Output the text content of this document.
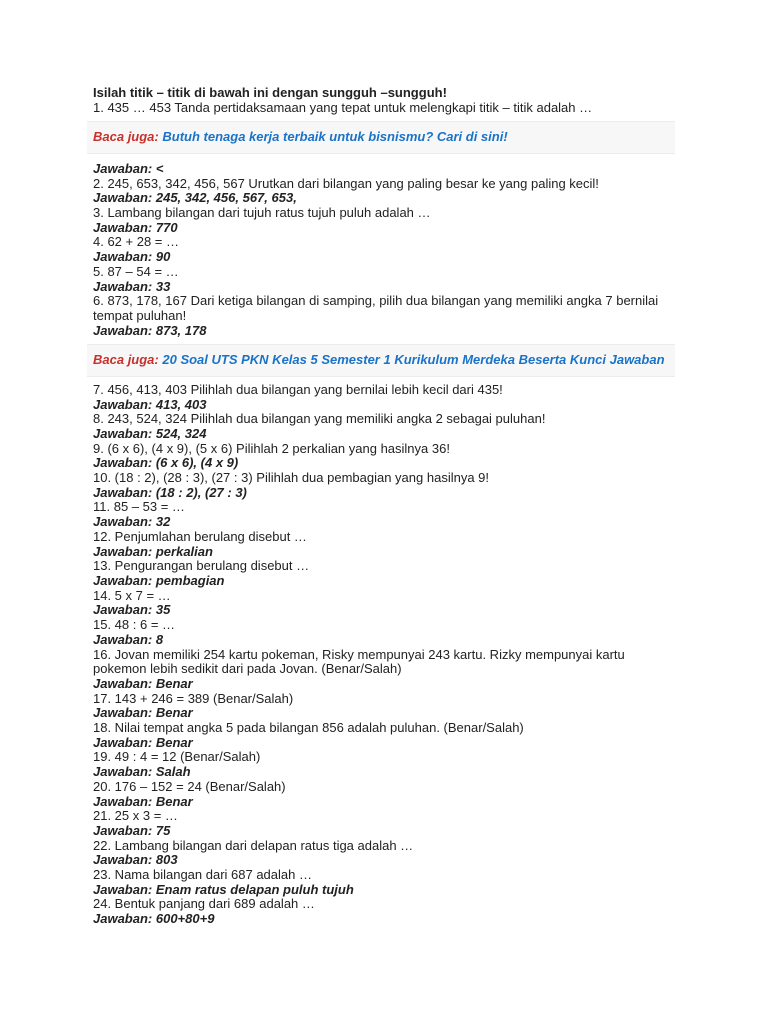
Isilah titik – titik di bawah ini dengan sungguh –sungguh!
1. 435 … 453 Tanda pertidaksamaan yang tepat untuk melengkapi titik – titik adalah …
Baca juga: Butuh tenaga kerja terbaik untuk bisnismu? Cari di sini!
Jawaban: <
2. 245, 653, 342, 456, 567 Urutkan dari bilangan yang paling besar ke yang paling kecil!
Jawaban: 245, 342, 456, 567, 653,
3. Lambang bilangan dari tujuh ratus tujuh puluh adalah …
Jawaban: 770
4. 62 + 28 = …
Jawaban: 90
5. 87 – 54 = …
Jawaban: 33
6. 873, 178, 167 Dari ketiga bilangan di samping, pilih dua bilangan yang memiliki angka 7 bernilai tempat puluhan!
Jawaban: 873, 178
Baca juga: 20 Soal UTS PKN Kelas 5 Semester 1 Kurikulum Merdeka Beserta Kunci Jawaban
7. 456, 413, 403 Pilihlah dua bilangan yang bernilai lebih kecil dari 435!
Jawaban: 413, 403
8. 243, 524, 324 Pilihlah dua bilangan yang memiliki angka 2 sebagai puluhan!
Jawaban: 524, 324
9. (6 x 6), (4 x 9), (5 x 6) Pilihlah 2 perkalian yang hasilnya 36!
Jawaban: (6 x 6), (4 x 9)
10. (18 : 2), (28 : 3), (27 : 3) Pilihlah dua pembagian yang hasilnya 9!
Jawaban: (18 : 2), (27 : 3)
11. 85 – 53 = …
Jawaban: 32
12. Penjumlahan berulang disebut …
Jawaban: perkalian
13. Pengurangan berulang disebut …
Jawaban: pembagian
14. 5 x 7 = …
Jawaban: 35
15. 48 : 6 = …
Jawaban: 8
16. Jovan memiliki 254 kartu pokeman, Risky mempunyai 243 kartu. Rizky mempunyai kartu pokemon lebih sedikit dari pada Jovan. (Benar/Salah)
Jawaban: Benar
17. 143 + 246 = 389 (Benar/Salah)
Jawaban: Benar
18. Nilai tempat angka 5 pada bilangan 856 adalah puluhan. (Benar/Salah)
Jawaban: Benar
19. 49 : 4 = 12 (Benar/Salah)
Jawaban: Salah
20. 176 – 152 = 24 (Benar/Salah)
Jawaban: Benar
21. 25 x 3 = …
Jawaban: 75
22. Lambang bilangan dari delapan ratus tiga adalah …
Jawaban: 803
23. Nama bilangan dari 687 adalah …
Jawaban: Enam ratus delapan puluh tujuh
24. Bentuk panjang dari 689 adalah …
Jawaban: 600+80+9
